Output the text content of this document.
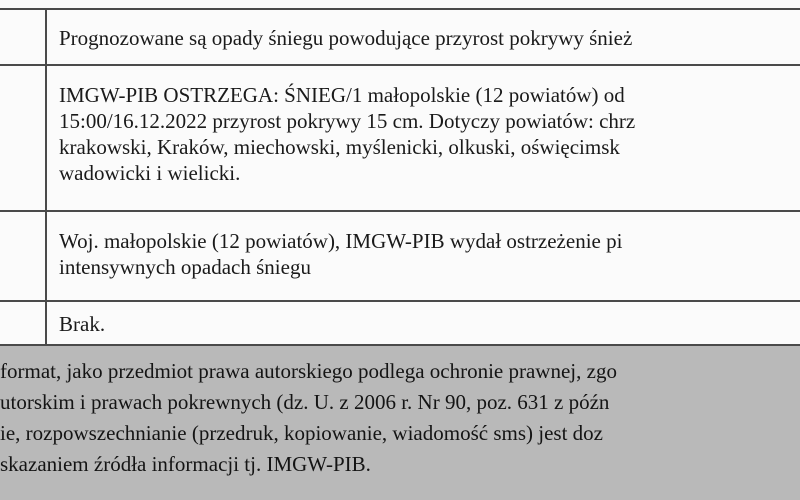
Prognozowane są opady śniegu powodujące przyrost pokrywy śnież
IMGW-PIB OSTRZEGA: ŚNIEG/1 małopolskie (12 powiatów) od
15:00/16.12.2022 przyrost pokrywy 15 cm. Dotyczy powiatów: chrz
krakowski, Kraków, miechowski, myślenicki, olkuski, oświęcimsk
wadowicki i wielicki.
Woj. małopolskie (12 powiatów), IMGW-PIB wydał ostrzeżenie pi
intensywnych opadach śniegu
Brak.
format, jako przedmiot prawa autorskiego podlega ochronie prawnej, zgo
utorskim i prawach pokrewnych (dz. U. z 2006 r. Nr 90, poz. 631 z późn
ie, rozpowszechnianie (przedruk, kopiowanie, wiadomość sms) jest doz
skazaniem źródła informacji tj. IMGW-PIB.
